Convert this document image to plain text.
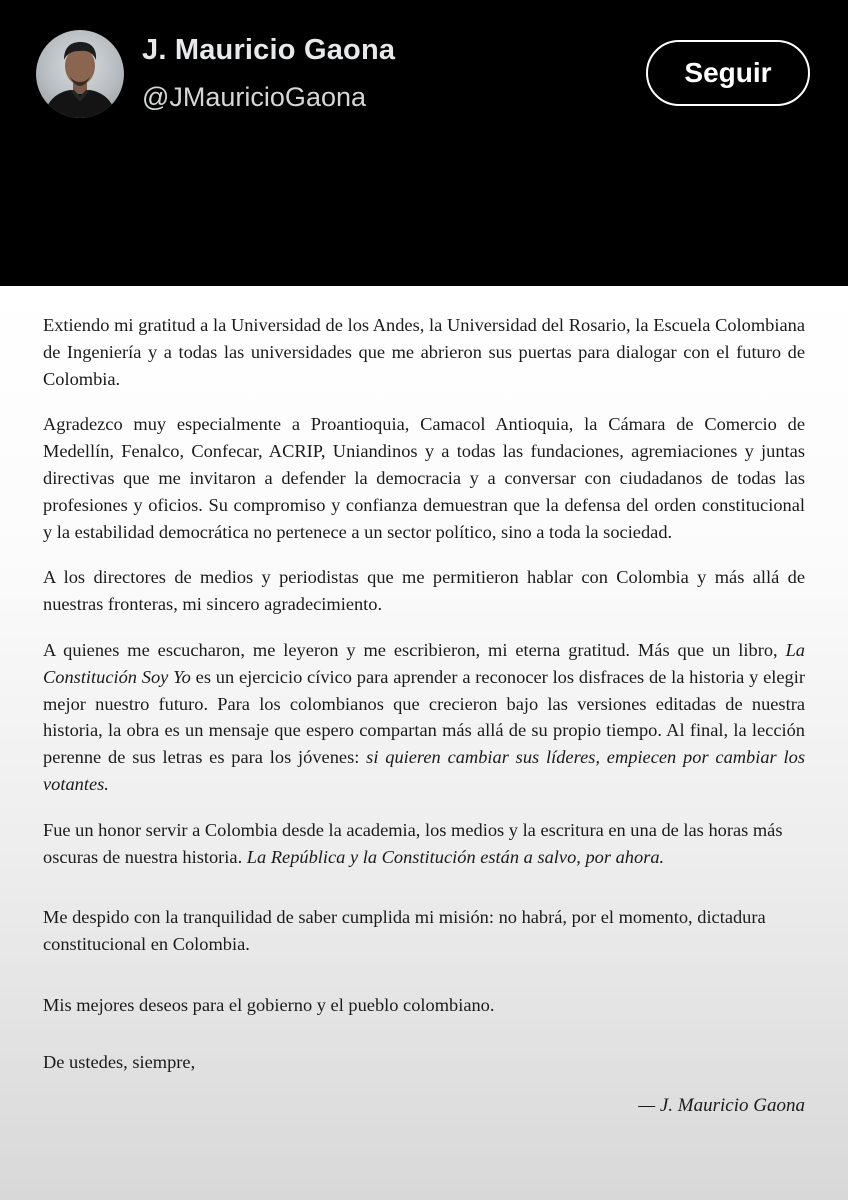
J. Mauricio Gaona
@JMauricioGaona
Seguir

Extiendo mi gratitud a la Universidad de los Andes, la Universidad del Rosario, la Escuela Colombiana de Ingeniería y a todas las universidades que me abrieron sus puertas para dialogar con el futuro de Colombia.

Agradezco muy especialmente a Proantioquia, Camacol Antioquia, la Cámara de Comercio de Medellín, Fenalco, Confecar, ACRIP, Uniandinos y a todas las fundaciones, agremiaciones y juntas directivas que me invitaron a defender la democracia y a conversar con ciudadanos de todas las profesiones y oficios. Su compromiso y confianza demuestran que la defensa del orden constitucional y la estabilidad democrática no pertenece a un sector político, sino a toda la sociedad.

A los directores de medios y periodistas que me permitieron hablar con Colombia y más allá de nuestras fronteras, mi sincero agradecimiento.

A quienes me escucharon, me leyeron y me escribieron, mi eterna gratitud. Más que un libro, La Constitución Soy Yo es un ejercicio cívico para aprender a reconocer los disfraces de la historia y elegir mejor nuestro futuro. Para los colombianos que crecieron bajo las versiones editadas de nuestra historia, la obra es un mensaje que espero compartan más allá de su propio tiempo. Al final, la lección perenne de sus letras es para los jóvenes: si quieren cambiar sus líderes, empiecen por cambiar los votantes.

Fue un honor servir a Colombia desde la academia, los medios y la escritura en una de las horas más oscuras de nuestra historia. La República y la Constitución están a salvo, por ahora.

Me despido con la tranquilidad de saber cumplida mi misión: no habrá, por el momento, dictadura constitucional en Colombia.

Mis mejores deseos para el gobierno y el pueblo colombiano.

De ustedes, siempre,

— J. Mauricio Gaona
